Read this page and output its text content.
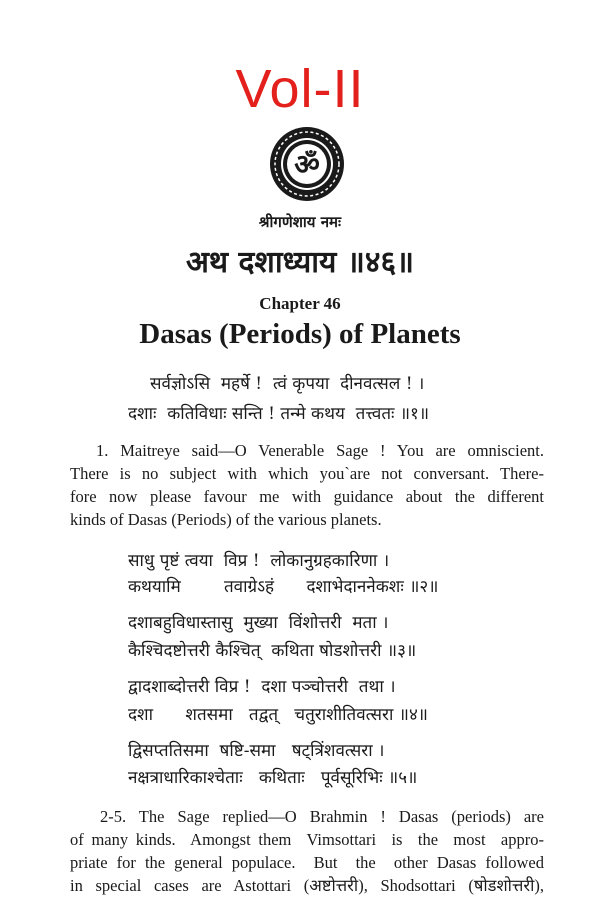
Vol-II
ॐ
श्रीगणेशाय नमः
अथ दशाध्याय ॥४६॥
Chapter 46
Dasas (Periods) of Planets
सर्वज्ञोऽसि  महर्षे !  त्वं कृपया  दीनवत्सल ! ।
दशाः  कतिविधाः सन्ति ! तन्मे कथय  तत्त्वतः ॥१॥
1. Maitreye said—O Venerable Sage ! You are omniscient.
There is no subject with which you`are not conversant. There-
fore now please favour me with guidance about the different
kinds of Dasas (Periods) of the various planets.
साधु पृष्टं त्वया  विप्र !  लोकानुग्रहकारिणा ।
कथयामि        तवाग्रेऽहं      दशाभेदाननेकशः ॥२॥
दशाबहुविधास्तासु  मुख्या  विंशोत्तरी  मता ।
कैश्चिदष्टोत्तरी कैश्चित्  कथिता षोडशोत्तरी ॥३॥
द्वादशाब्दोत्तरी विप्र !  दशा पञ्चोत्तरी  तथा ।
दशा      शतसमा   तद्वत्   चतुराशीतिवत्सरा ॥४॥
द्विसप्ततिसमा  षष्टि-समा   षट्त्रिंशवत्सरा ।
नक्षत्राधारिकाश्चेताः   कथिताः   पूर्वसूरिभिः ॥५॥
2-5. The Sage replied—O Brahmin ! Dasas (periods) are
of many kinds.  Amongst them  Vimsottari  is  the  most  appro-
priate for the general populace.  But  the  other Dasas followed
in special cases are Astottari (अष्टोत्तरी), Shodsottari (षोडशोत्तरी),
